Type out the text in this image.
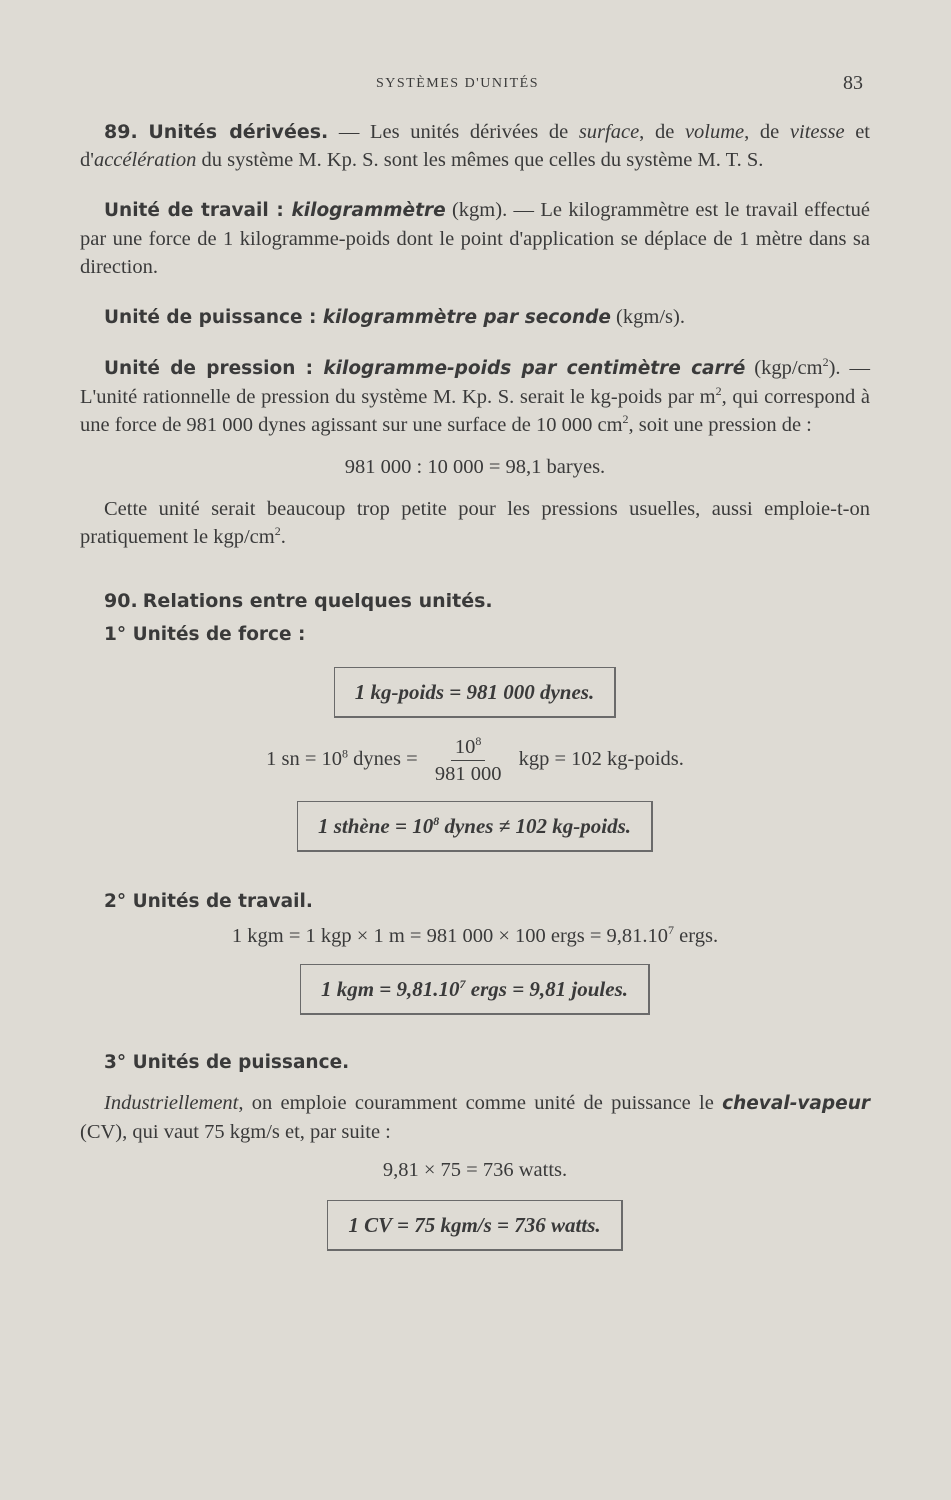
SYSTÈMES D'UNITÉS	83

89. Unités dérivées. — Les unités dérivées de surface, de volume, de vitesse et d'accélération du système M. Kp. S. sont les mêmes que celles du système M. T. S.

Unité de travail : kilogrammètre (kgm). — Le kilogrammètre est le travail effectué par une force de 1 kilogramme-poids dont le point d'application se déplace de 1 mètre dans sa direction.

Unité de puissance : kilogrammètre par seconde (kgm/s).

Unité de pression : kilogramme-poids par centimètre carré $(kgp/cm^2)$. — L'unité rationnelle de pression du système M. Kp. S. serait le kg-poids par $m^2$, qui correspond à une force de 981 000 dynes agissant sur une surface de 10 000 $cm^2$, soit une pression de :

981 000 : 10 000 = 98,1 baryes.

Cette unité serait beaucoup trop petite pour les pressions usuelles, aussi emploie-t-on pratiquement le kgp/$cm^2$.

90. Relations entre quelques unités.

1° Unités de force :

1 kg-poids = 981 000 dynes.

1 sn = $10^8$ dynes = $\frac{10^8}{981 000}$ kgp = 102 kg-poids.

1 sthène = $10^8$ dynes ≠ 102 kg-poids.

2° Unités de travail.

1 kgm = 1 kgp × 1 m = 981 000 × 100 ergs = $9,81.10^7$ ergs.

1 kgm = $9,81.10^7$ ergs = 9,81 joules.

3° Unités de puissance.

Industriellement, on emploie couramment comme unité de puissance le cheval-vapeur (CV), qui vaut 75 kgm/s et, par suite :

9,81 × 75 = 736 watts.

1 CV = 75 kgm/s = 736 watts.
